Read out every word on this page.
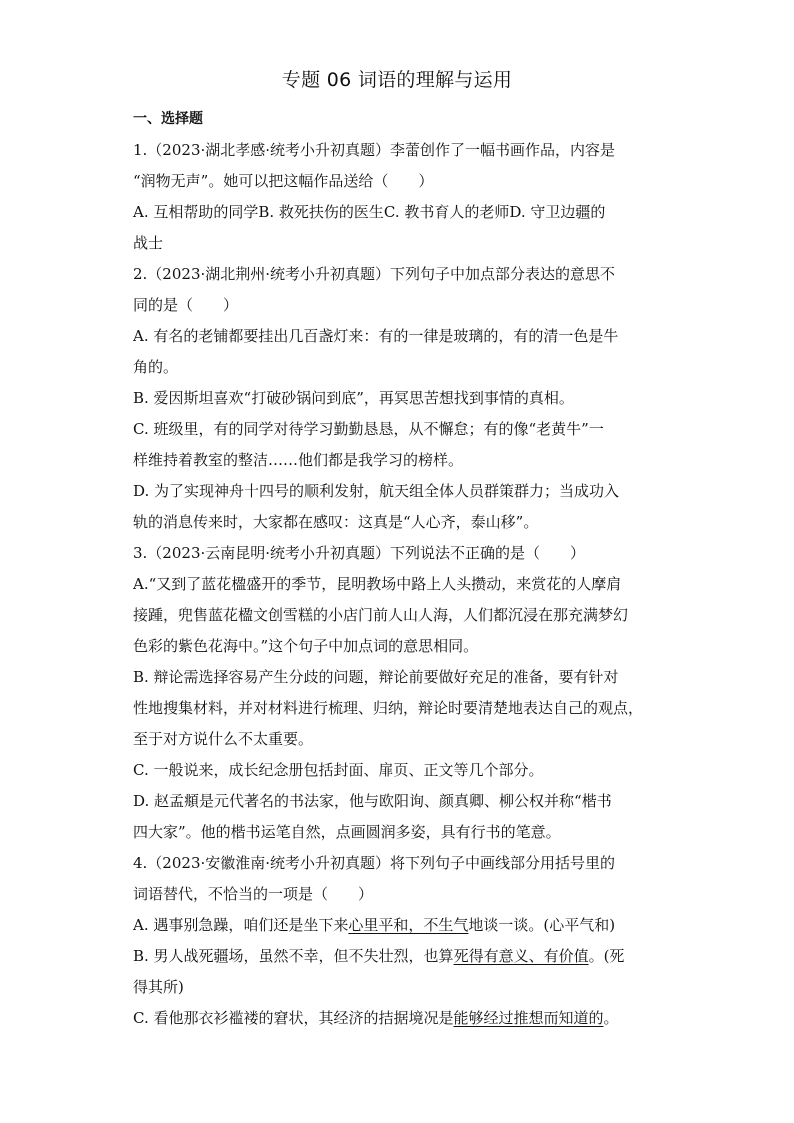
专题 06 词语的理解与运用
一、选择题
1.（2023·湖北孝感·统考小升初真题）李蕾创作了一幅书画作品，内容是
“润物无声”。她可以把这幅作品送给（　　）
A. 互相帮助的同学B. 救死扶伤的医生C. 教书育人的老师D. 守卫边疆的
战士
2.（2023·湖北荆州·统考小升初真题）下列句子中加点部分表达的意思不
同的是（　　）
A. 有名的老铺都要挂出几百盏灯来：有的一律是玻璃的，有的清一色是牛
角的。
B. 爱因斯坦喜欢“打破砂锅问到底”，再冥思苦想找到事情的真相。
C. 班级里，有的同学对待学习勤勤恳恳，从不懈怠；有的像“老黄牛”一
样维持着教室的整洁……他们都是我学习的榜样。
D. 为了实现神舟十四号的顺利发射，航天组全体人员群策群力；当成功入
轨的消息传来时，大家都在感叹：这真是“人心齐，泰山移”。
3.（2023·云南昆明·统考小升初真题）下列说法不正确的是（　　）
A.“又到了蓝花楹盛开的季节，昆明教场中路上人头攒动，来赏花的人摩肩
接踵，兜售蓝花楹文创雪糕的小店门前人山人海，人们都沉浸在那充满梦幻
色彩的紫色花海中。”这个句子中加点词的意思相同。
B. 辩论需选择容易产生分歧的问题，辩论前要做好充足的准备，要有针对
性地搜集材料，并对材料进行梳理、归纳，辩论时要清楚地表达自己的观点，
至于对方说什么不太重要。
C. 一般说来，成长纪念册包括封面、扉页、正文等几个部分。
D. 赵孟頫是元代著名的书法家，他与欧阳询、颜真卿、柳公权并称“楷书
四大家”。他的楷书运笔自然，点画圆润多姿，具有行书的笔意。
4.（2023·安徽淮南·统考小升初真题）将下列句子中画线部分用括号里的
词语替代，不恰当的一项是（　　）
A. 遇事别急躁，咱们还是坐下来心里平和，不生气地谈一谈。(心平气和)
B. 男人战死疆场，虽然不幸，但不失壮烈，也算死得有意义、有价值。(死
得其所)
C. 看他那衣衫褴褛的窘状，其经济的拮据境况是能够经过推想而知道的。
